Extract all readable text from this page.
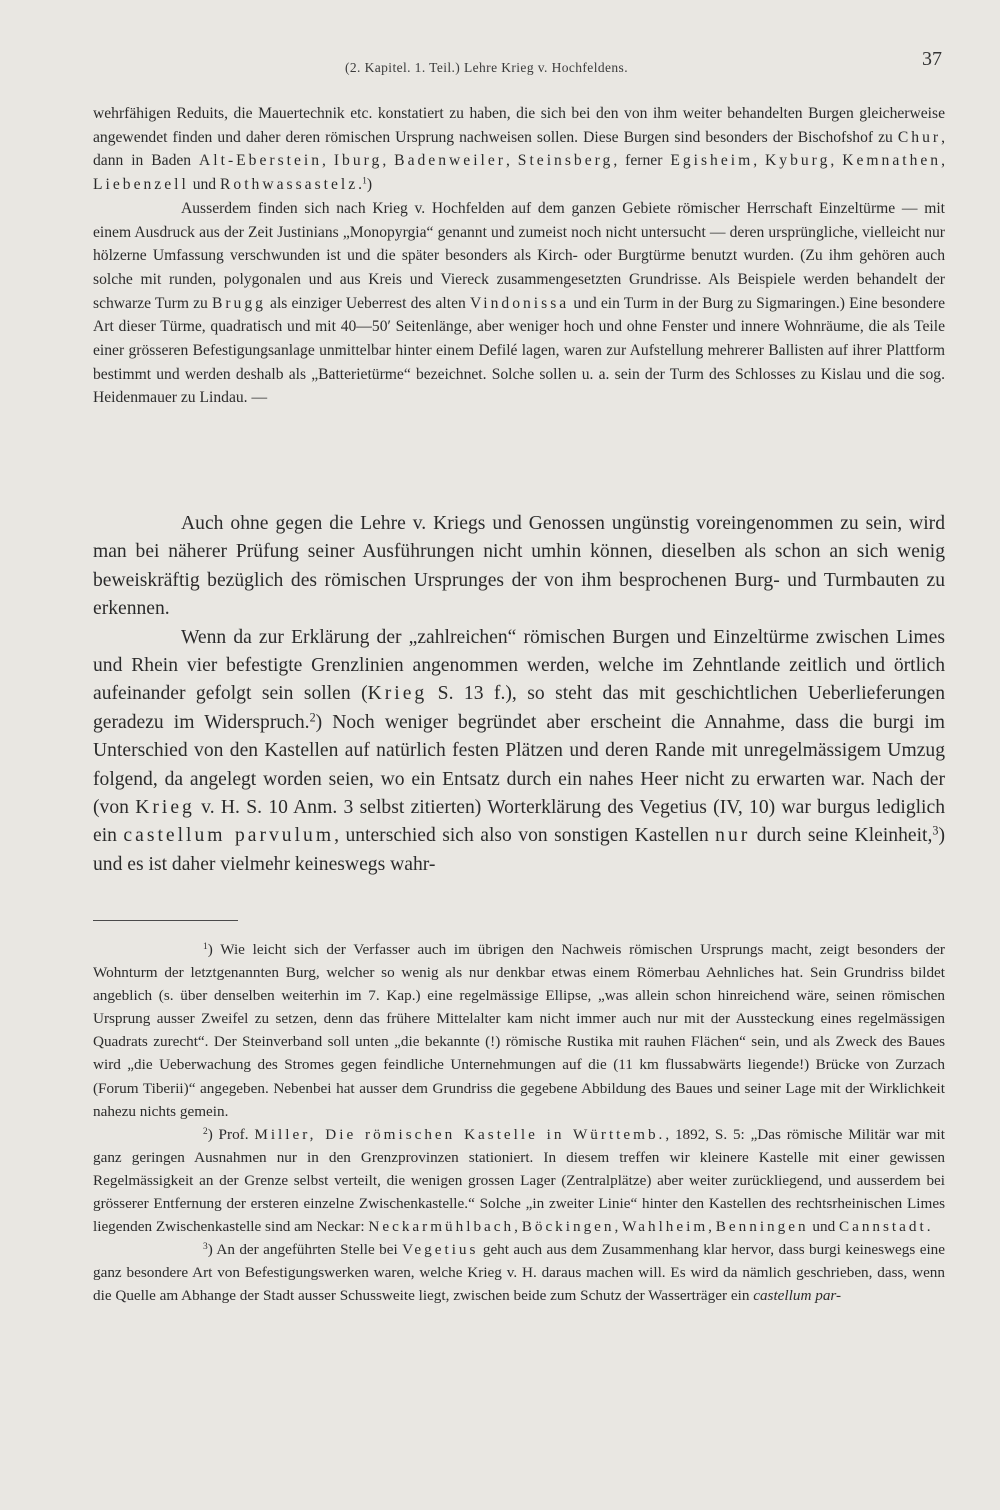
(2. Kapitel. 1. Teil.) Lehre Krieg v. Hochfeldens.	37

wehrfähigen Reduits, die Mauertechnik etc. konstatiert zu haben, die sich bei den von ihm weiter behandelten Burgen gleicherweise angewendet finden und daher deren römischen Ursprung nachweisen sollen. Diese Burgen sind besonders der Bischofshof zu Chur, dann in Baden Alt-Eberstein, Iburg, Badenweiler, Steinsberg, ferner Egisheim, Kyburg, Kemnathen, Liebenzell und Rothwassastelz.$^1$)

Ausserdem finden sich nach Krieg v. Hochfelden auf dem ganzen Gebiete römischer Herrschaft Einzeltürme — mit einem Ausdruck aus der Zeit Justinians „Monopyrgia“ genannt und zumeist noch nicht untersucht — deren ursprüngliche, vielleicht nur hölzerne Umfassung verschwunden ist und die später besonders als Kirch- oder Burgtürme benutzt wurden. (Zu ihm gehören auch solche mit runden, polygonalen und aus Kreis und Viereck zusammengesetzten Grundrisse. Als Beispiele werden behandelt der schwarze Turm zu Brugg als einziger Ueberrest des alten Vindonissa und ein Turm in der Burg zu Sigmaringen.) Eine besondere Art dieser Türme, quadratisch und mit 40—50′ Seitenlänge, aber weniger hoch und ohne Fenster und innere Wohnräume, die als Teile einer grösseren Befestigungsanlage unmittelbar hinter einem Defilé lagen, waren zur Aufstellung mehrerer Ballisten auf ihrer Plattform bestimmt und werden deshalb als „Batterietürme“ bezeichnet. Solche sollen u. a. sein der Turm des Schlosses zu Kislau und die sog. Heidenmauer zu Lindau. —

Auch ohne gegen die Lehre v. Kriegs und Genossen ungünstig voreingenommen zu sein, wird man bei näherer Prüfung seiner Ausführungen nicht umhin können, dieselben als schon an sich wenig beweiskräftig bezüglich des römischen Ursprunges der von ihm besprochenen Burg- und Turmbauten zu erkennen.

Wenn da zur Erklärung der „zahlreichen“ römischen Burgen und Einzeltürme zwischen Limes und Rhein vier befestigte Grenzlinien angenommen werden, welche im Zehntlande zeitlich und örtlich aufeinander gefolgt sein sollen (Krieg S. 13 f.), so steht das mit geschichtlichen Ueberlieferungen geradezu im Widerspruch.$^2$) Noch weniger begründet aber erscheint die Annahme, dass die burgi im Unterschied von den Kastellen auf natürlich festen Plätzen und deren Rande mit unregelmässigem Umzug folgend, da angelegt worden seien, wo ein Entsatz durch ein nahes Heer nicht zu erwarten war. Nach der (von Krieg v. H. S. 10 Anm. 3 selbst zitierten) Worterklärung des Vegetius (IV, 10) war burgus lediglich ein castellum parvulum, unterschied sich also von sonstigen Kastellen nur durch seine Kleinheit,$^3$) und es ist daher vielmehr keineswegs wahr-

$^1$) Wie leicht sich der Verfasser auch im übrigen den Nachweis römischen Ursprungs macht, zeigt besonders der Wohnturm der letztgenannten Burg, welcher so wenig als nur denkbar etwas einem Römerbau Aehnliches hat. Sein Grundriss bildet angeblich (s. über denselben weiterhin im 7. Kap.) eine regelmässige Ellipse, „was allein schon hinreichend wäre, seinen römischen Ursprung ausser Zweifel zu setzen, denn das frühere Mittelalter kam nicht immer auch nur mit der Aussteckung eines regelmässigen Quadrats zurecht“. Der Steinverband soll unten „die bekannte (!) römische Rustika mit rauhen Flächen“ sein, und als Zweck des Baues wird „die Ueberwachung des Stromes gegen feindliche Unternehmungen auf die (11 km flussabwärts liegende!) Brücke von Zurzach (Forum Tiberii)“ angegeben. Nebenbei hat ausser dem Grundriss die gegebene Abbildung des Baues und seiner Lage mit der Wirklichkeit nahezu nichts gemein.

$^2$) Prof. Miller, Die römischen Kastelle in Württemb., 1892, S. 5: „Das römische Militär war mit ganz geringen Ausnahmen nur in den Grenzprovinzen stationiert. In diesem treffen wir kleinere Kastelle mit einer gewissen Regelmässigkeit an der Grenze selbst verteilt, die wenigen grossen Lager (Zentralplätze) aber weiter zurückliegend, und ausserdem bei grösserer Entfernung der ersteren einzelne Zwischenkastelle.“ Solche „in zweiter Linie“ hinter den Kastellen des rechtsrheinischen Limes liegenden Zwischenkastelle sind am Neckar: Neckarmühlbach, Böckingen, Wahlheim, Benningen und Cannstadt.

$^3$) An der angeführten Stelle bei Vegetius geht auch aus dem Zusammenhang klar hervor, dass burgi keineswegs eine ganz besondere Art von Befestigungswerken waren, welche Krieg v. H. daraus machen will. Es wird da nämlich geschrieben, dass, wenn die Quelle am Abhange der Stadt ausser Schussweite liegt, zwischen beide zum Schutz der Wasserträger ein castellum par-
